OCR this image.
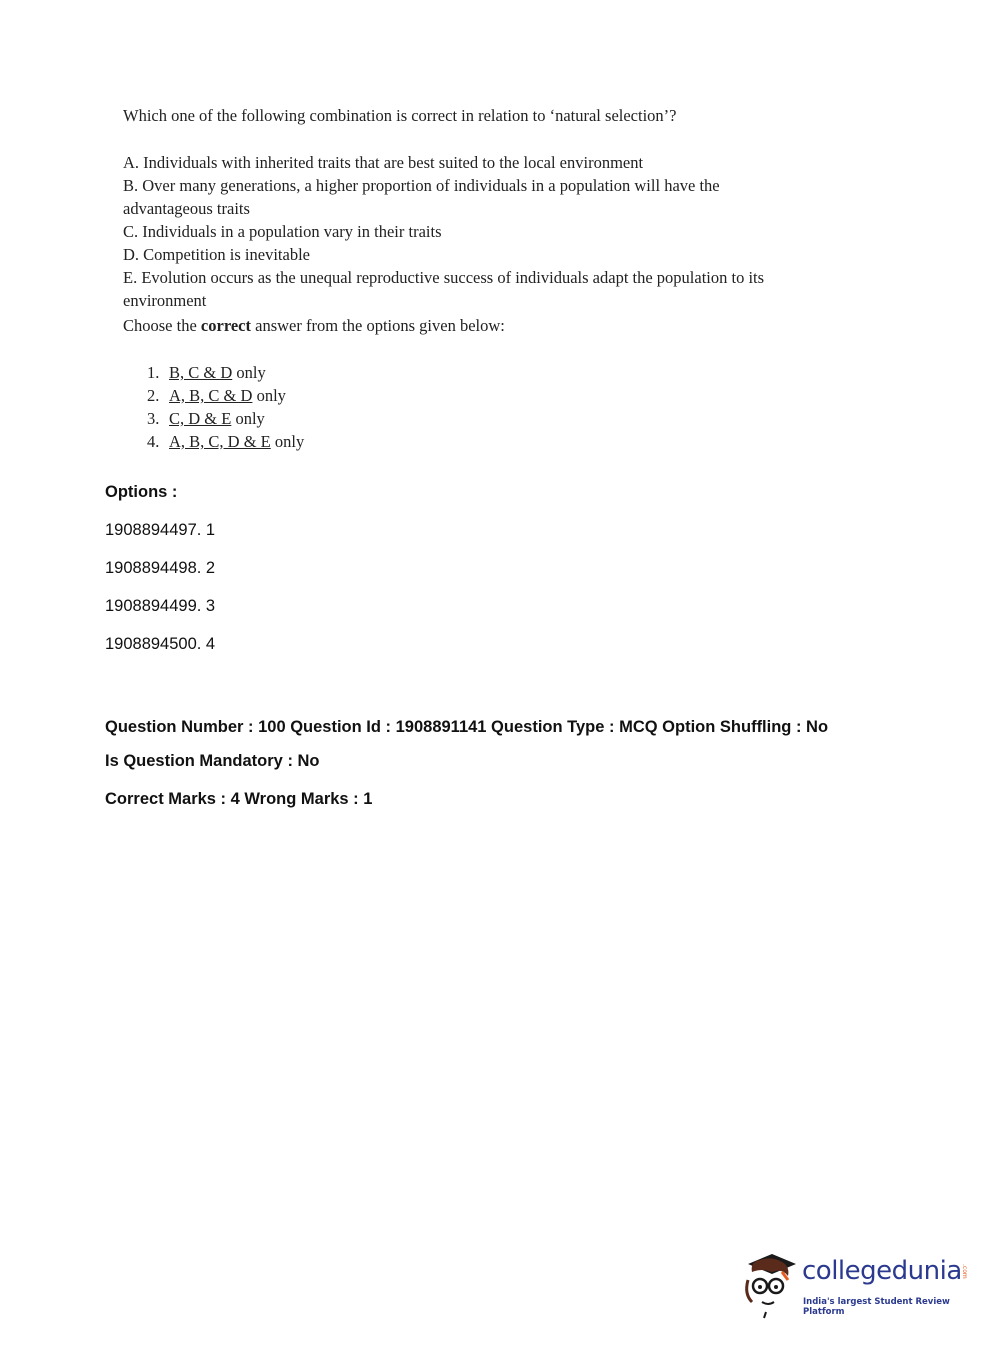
Which one of the following combination is correct in relation to ‘natural selection’?
A. Individuals with inherited traits that are best suited to the local environment
B. Over many generations, a higher proportion of individuals in a population will have the
advantageous traits
C. Individuals in a population vary in their traits
D. Competition is inevitable
E. Evolution occurs as the unequal reproductive success of individuals adapt the population to its
environment
Choose the correct answer from the options given below:
1. B, C & D only
2. A, B, C & D only
3. C, D & E only
4. A, B, C, D & E only
Options :
1908894497. 1
1908894498. 2
1908894499. 3
1908894500. 4
Question Number : 100 Question Id : 1908891141 Question Type : MCQ Option Shuffling : No
Is Question Mandatory : No
Correct Marks : 4 Wrong Marks : 1
collegedunia .com
India's largest Student Review Platform
